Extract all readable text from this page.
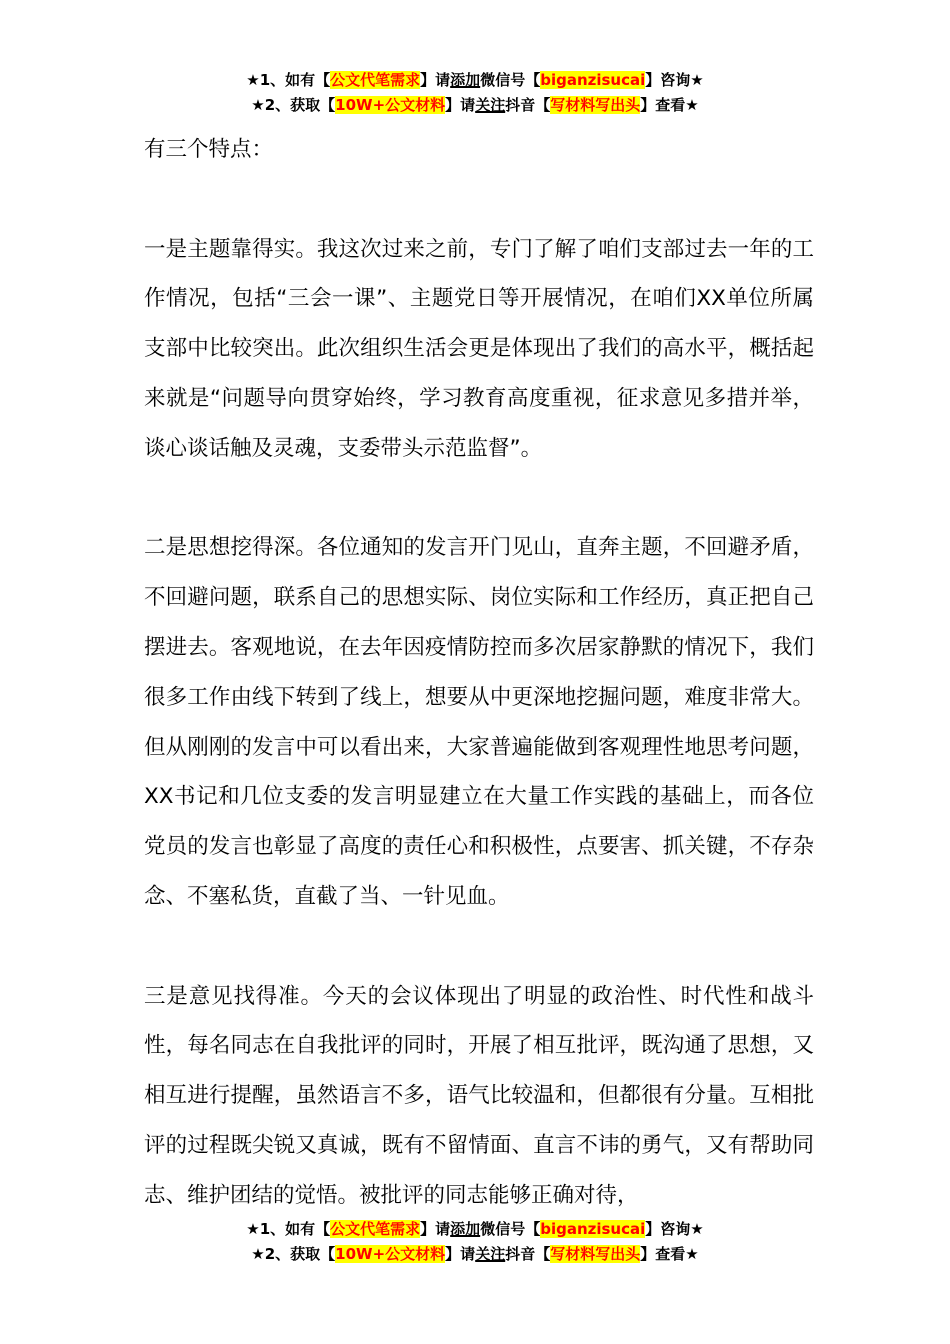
★1、如有【公文代笔需求】请添加微信号【biganzisucai】咨询★
★2、获取【10W+公文材料】请关注抖音【写材料写出头】查看★

有三个特点：

一是主题靠得实。我这次过来之前，专门了解了咱们支部过去一年的工作情况，包括“三会一课”、主题党日等开展情况，在咱们XX单位所属支部中比较突出。此次组织生活会更是体现出了我们的高水平，概括起来就是“问题导向贯穿始终，学习教育高度重视，征求意见多措并举，谈心谈话触及灵魂，支委带头示范监督”。

二是思想挖得深。各位通知的发言开门见山，直奔主题，不回避矛盾，不回避问题，联系自己的思想实际、岗位实际和工作经历，真正把自己摆进去。客观地说，在去年因疫情防控而多次居家静默的情况下，我们很多工作由线下转到了线上，想要从中更深地挖掘问题，难度非常大。但从刚刚的发言中可以看出来，大家普遍能做到客观理性地思考问题，XX书记和几位支委的发言明显建立在大量工作实践的基础上，而各位党员的发言也彰显了高度的责任心和积极性，点要害、抓关键，不存杂念、不塞私货，直截了当、一针见血。

三是意见找得准。今天的会议体现出了明显的政治性、时代性和战斗性，每名同志在自我批评的同时，开展了相互批评，既沟通了思想，又相互进行提醒，虽然语言不多，语气比较温和，但都很有分量。互相批评的过程既尖锐又真诚，既有不留情面、直言不讳的勇气，又有帮助同志、维护团结的觉悟。被批评的同志能够正确对待，

★1、如有【公文代笔需求】请添加微信号【biganzisucai】咨询★
★2、获取【10W+公文材料】请关注抖音【写材料写出头】查看★
